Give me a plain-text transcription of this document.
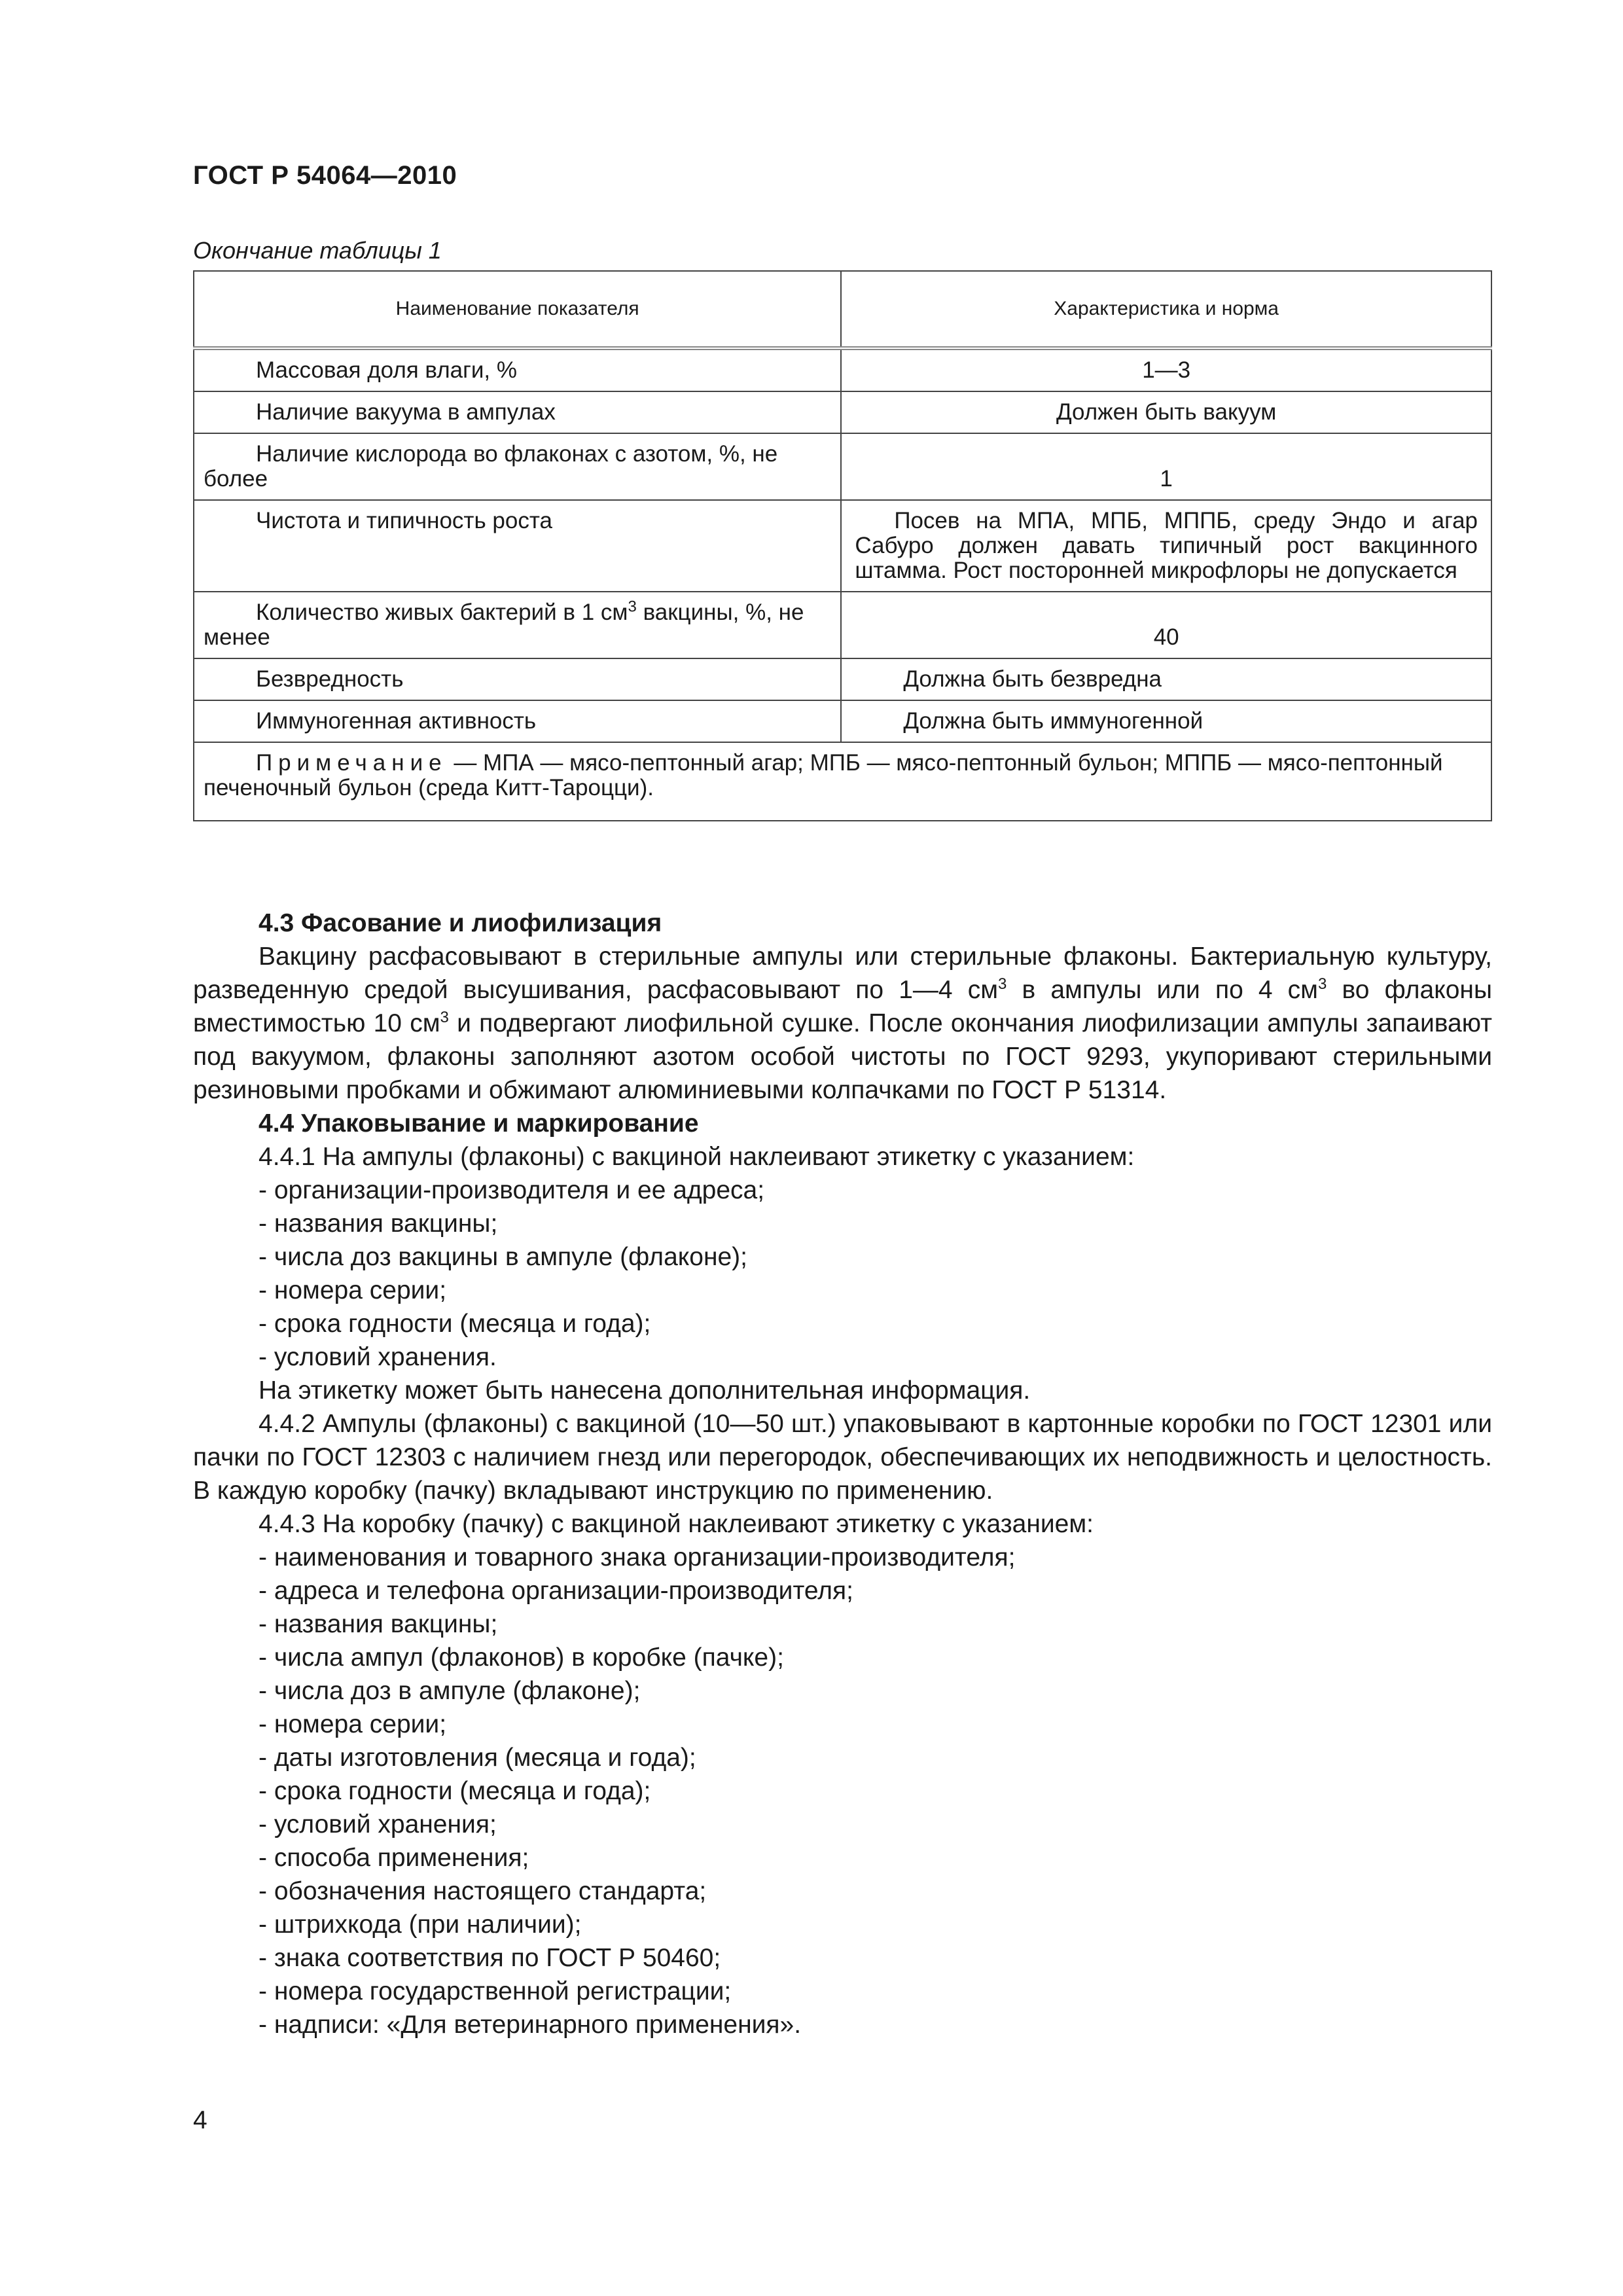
ГОСТ Р 54064—2010
Окончание таблицы 1
Наименование показателя	Характеристика и норма

Массовая доля влаги, %	1—3

Наличие вакуума в ампулах	Должен быть вакуум

Наличие кислорода во флаконах с азотом, %, не более	1

Чистота и типичность роста	Посев на МПА, МПБ, МППБ, среду Эндо и агар Сабуро должен давать типичный рост вакцинного штамма. Рост посторонней микрофлоры не допускается

Количество живых бактерий в 1 $см^3$ вакцины, %, не менее	40

Безвредность	Должна быть безвредна

Иммуногенная активность	Должна быть иммуногенной

Примечание — МПА — мясо-пептонный агар; МПБ — мясо-пептонный бульон; МППБ — мясо-пептонный печеночный бульон (среда Китт-Тароцци).	

4.3 Фасование и лиофилизация

Вакцину расфасовывают в стерильные ампулы или стерильные флаконы. Бактериальную культуру, разведенную средой высушивания, расфасовывают по 1—4 $см^3$ в ампулы или по 4 $см^3$ во флаконы вместимостью 10 $см^3$ и подвергают лиофильной сушке. После окончания лиофилизации ампулы запаивают под вакуумом, флаконы заполняют азотом особой чистоты по ГОСТ 9293, укупоривают стерильными резиновыми пробками и обжимают алюминиевыми колпачками по ГОСТ Р 51314.

4.4 Упаковывание и маркирование

4.4.1 На ампулы (флаконы) с вакциной наклеивают этикетку с указанием:

- организации-производителя и ее адреса;

- названия вакцины;

- числа доз вакцины в ампуле (флаконе);

- номера серии;

- срока годности (месяца и года);

- условий хранения.

На этикетку может быть нанесена дополнительная информация.

4.4.2 Ампулы (флаконы) с вакциной (10—50 шт.) упаковывают в картонные коробки по ГОСТ 12301 или пачки по ГОСТ 12303 с наличием гнезд или перегородок, обеспечивающих их неподвижность и целостность. В каждую коробку (пачку) вкладывают инструкцию по применению.

4.4.3 На коробку (пачку) с вакциной наклеивают этикетку с указанием:

- наименования и товарного знака организации-производителя;

- адреса и телефона организации-производителя;

- названия вакцины;

- числа ампул (флаконов) в коробке (пачке);

- числа доз в ампуле (флаконе);

- номера серии;

- даты изготовления (месяца и года);

- срока годности (месяца и года);

- условий хранения;

- способа применения;

- обозначения настоящего стандарта;

- штрихкода (при наличии);

- знака соответствия по ГОСТ Р 50460;

- номера государственной регистрации;

- надписи: «Для ветеринарного применения».

4
